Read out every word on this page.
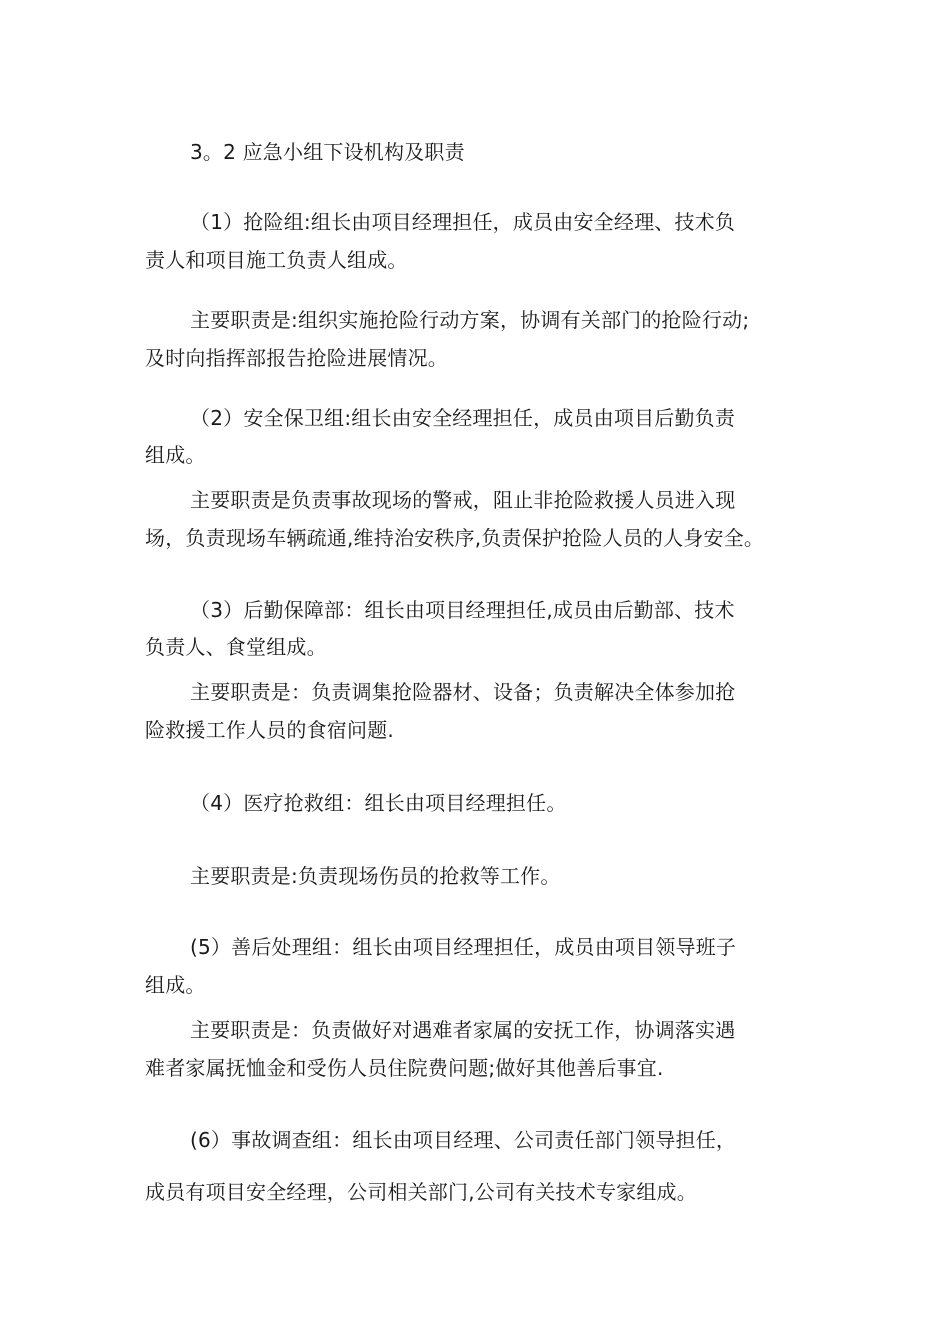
3。2 应急小组下设机构及职责
（1）抢险组:组长由项目经理担任，成员由安全经理、技术负
责人和项目施工负责人组成。
主要职责是:组织实施抢险行动方案，协调有关部门的抢险行动;
及时向指挥部报告抢险进展情况。
（2）安全保卫组:组长由安全经理担任，成员由项目后勤负责
组成。
主要职责是负责事故现场的警戒，阻止非抢险救援人员进入现
场，负责现场车辆疏通,维持治安秩序,负责保护抢险人员的人身安全。
（3）后勤保障部：组长由项目经理担任,成员由后勤部、技术
负责人、食堂组成。
主要职责是：负责调集抢险器材、设备；负责解决全体参加抢
险救援工作人员的食宿问题.
（4）医疗抢救组：组长由项目经理担任。
主要职责是:负责现场伤员的抢救等工作。
(5）善后处理组：组长由项目经理担任，成员由项目领导班子
组成。
主要职责是：负责做好对遇难者家属的安抚工作，协调落实遇
难者家属抚恤金和受伤人员住院费问题;做好其他善后事宜.
(6）事故调查组：组长由项目经理、公司责任部门领导担任，
成员有项目安全经理，公司相关部门,公司有关技术专家组成。
